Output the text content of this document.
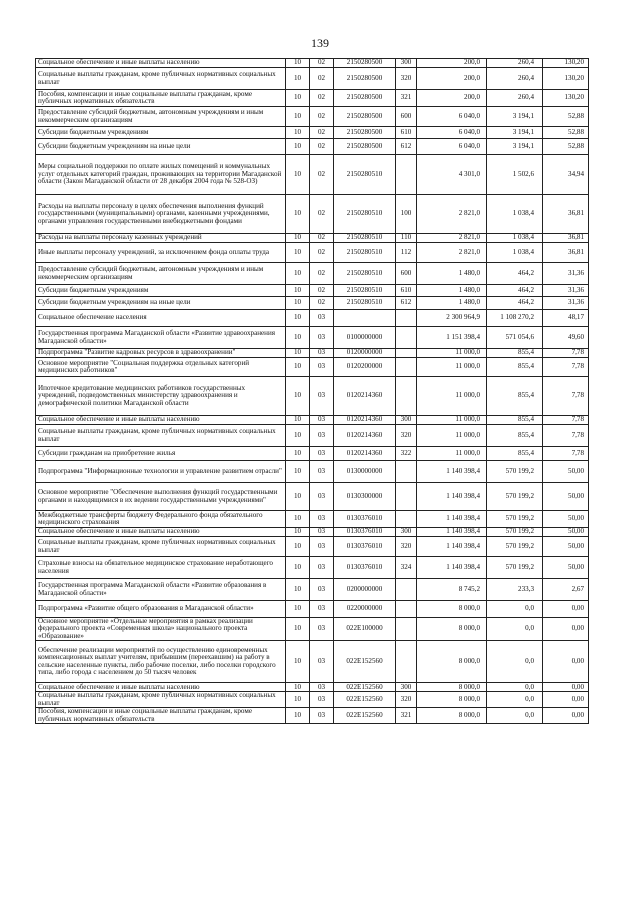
139
Социальное обеспечение и иные выплаты населению	10	02	2150280500	300	200,0	260,4	130,20
Социальные выплаты гражданам, кроме публичных нормативных социальных выплат	10	02	2150280500	320	200,0	260,4	130,20
Пособия, компенсации и иные социальные выплаты гражданам, кроме публичных нормативных обязательств	10	02	2150280500	321	200,0	260,4	130,20
Предоставление субсидий бюджетным, автономным учреждениям и иным некоммерческим организациям	10	02	2150280500	600	6 040,0	3 194,1	52,88
Субсидии бюджетным учреждениям	10	02	2150280500	610	6 040,0	3 194,1	52,88
Субсидии бюджетным учреждениям на иные цели	10	02	2150280500	612	6 040,0	3 194,1	52,88
Меры социальной поддержки по оплате жилых помещений и коммунальных услуг отдельных категорий граждан, проживающих на территории Магаданской области (Закон Магаданской области от 28 декабря 2004 года № 528-ОЗ)	10	02	2150280510		4 301,0	1 502,6	34,94
Расходы на выплаты персоналу в целях обеспечения выполнения функций государственными (муниципальными) органами, казенными учреждениями, органами управления государственными внебюджетными фондами	10	02	2150280510	100	2 821,0	1 038,4	36,81
Расходы на выплаты персоналу казенных учреждений	10	02	2150280510	110	2 821,0	1 038,4	36,81
Иные выплаты персоналу учреждений, за исключением фонда оплаты труда	10	02	2150280510	112	2 821,0	1 038,4	36,81
Предоставление субсидий бюджетным, автономным учреждениям и иным некоммерческим организациям	10	02	2150280510	600	1 480,0	464,2	31,36
Субсидии бюджетным учреждениям	10	02	2150280510	610	1 480,0	464,2	31,36
Субсидии бюджетным учреждениям на иные цели	10	02	2150280510	612	1 480,0	464,2	31,36
Социальное обеспечение населения	10	03			2 300 964,9	1 108 270,2	48,17
Государственная программа Магаданской области «Развитие здравоохранения Магаданской области»	10	03	0100000000		1 151 398,4	571 054,6	49,60
Подпрограмма "Развитие кадровых ресурсов в здравоохранении"	10	03	0120000000		11 000,0	855,4	7,78
Основное мероприятие "Социальная поддержка отдельных категорий медицинских работников"	10	03	0120200000		11 000,0	855,4	7,78
Ипотечное кредитование медицинских работников государственных учреждений, подведомственных министерству здравоохранения и демографической политики Магаданской области	10	03	0120214360		11 000,0	855,4	7,78
Социальное обеспечение и иные выплаты населению	10	03	0120214360	300	11 000,0	855,4	7,78
Социальные выплаты гражданам, кроме публичных нормативных социальных выплат	10	03	0120214360	320	11 000,0	855,4	7,78
Субсидии гражданам на приобретение жилья	10	03	0120214360	322	11 000,0	855,4	7,78
Подпрограмма "Информационные технологии и управление развитием отрасли"	10	03	0130000000		1 140 398,4	570 199,2	50,00
Основное мероприятие "Обеспечение выполнения функций государственными органами и находящимися в их ведении государственными учреждениями"	10	03	0130300000		1 140 398,4	570 199,2	50,00
Межбюджетные трансферты бюджету Федерального фонда обязательного медицинского страхования	10	03	0130376010		1 140 398,4	570 199,2	50,00
Социальное обеспечение и иные выплаты населению	10	03	0130376010	300	1 140 398,4	570 199,2	50,00
Социальные выплаты гражданам, кроме публичных нормативных социальных выплат	10	03	0130376010	320	1 140 398,4	570 199,2	50,00
Страховые взносы на обязательное медицинское страхование неработающего населения	10	03	0130376010	324	1 140 398,4	570 199,2	50,00
Государственная программа Магаданской области «Развитие образования в Магаданской области»	10	03	0200000000		8 745,2	233,3	2,67
Подпрограмма «Развитие общего образования в Магаданской области»	10	03	0220000000		8 000,0	0,0	0,00
Основное мероприятие «Отдельные мероприятия в рамках реализации федерального проекта «Современная школа» национального проекта «Образование»	10	03	022Е100000		8 000,0	0,0	0,00
Обеспечение реализации мероприятий по осуществлению единовременных компенсационных выплат учителям, прибывшим (переехавшим) на работу в сельские населенные пункты, либо рабочие поселки, либо поселки городского типа, либо города с населением до 50 тысяч человек	10	03	022Е152560		8 000,0	0,0	0,00
Социальное обеспечение и иные выплаты населению	10	03	022Е152560	300	8 000,0	0,0	0,00
Социальные выплаты гражданам, кроме публичных нормативных социальных выплат	10	03	022Е152560	320	8 000,0	0,0	0,00
Пособия, компенсации и иные социальные выплаты гражданам, кроме публичных нормативных обязательств	10	03	022Е152560	321	8 000,0	0,0	0,00
